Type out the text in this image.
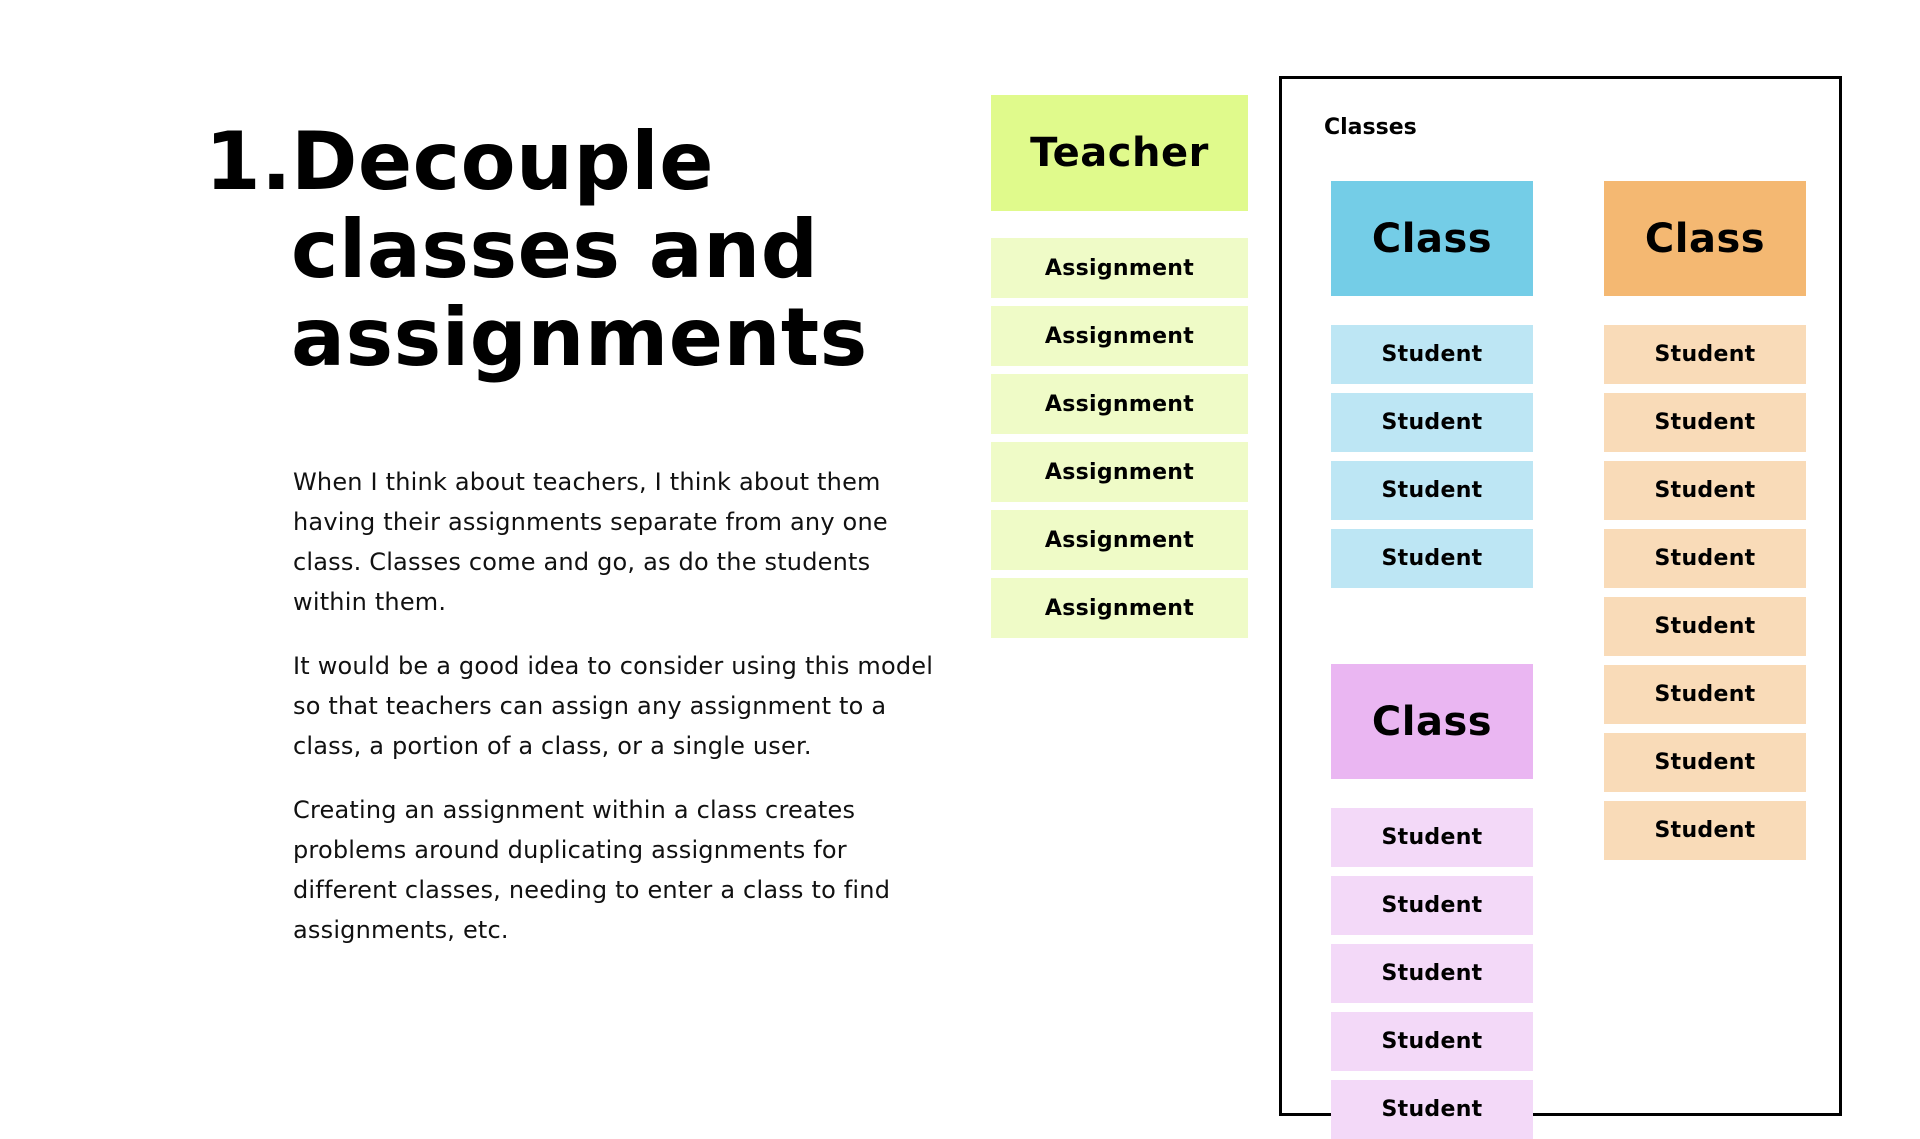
1.
Decouple classes and assignments

When I think about teachers, I think about them having their assignments separate from any one class. Classes come and go, as do the students within them.

It would be a good idea to consider using this model so that teachers can assign any assignment to a class, a portion of a class, or a single user.

Creating an assignment within a class creates problems around duplicating assignments for different classes, needing to enter a class to find assignments, etc.

Classes
Teacher
Assignment
Assignment
Assignment
Assignment
Assignment
Assignment
Class
Student
Student
Student
Student
Class
Student
Student
Student
Student
Student
Student
Student
Student
Class
Student
Student
Student
Student
Student
